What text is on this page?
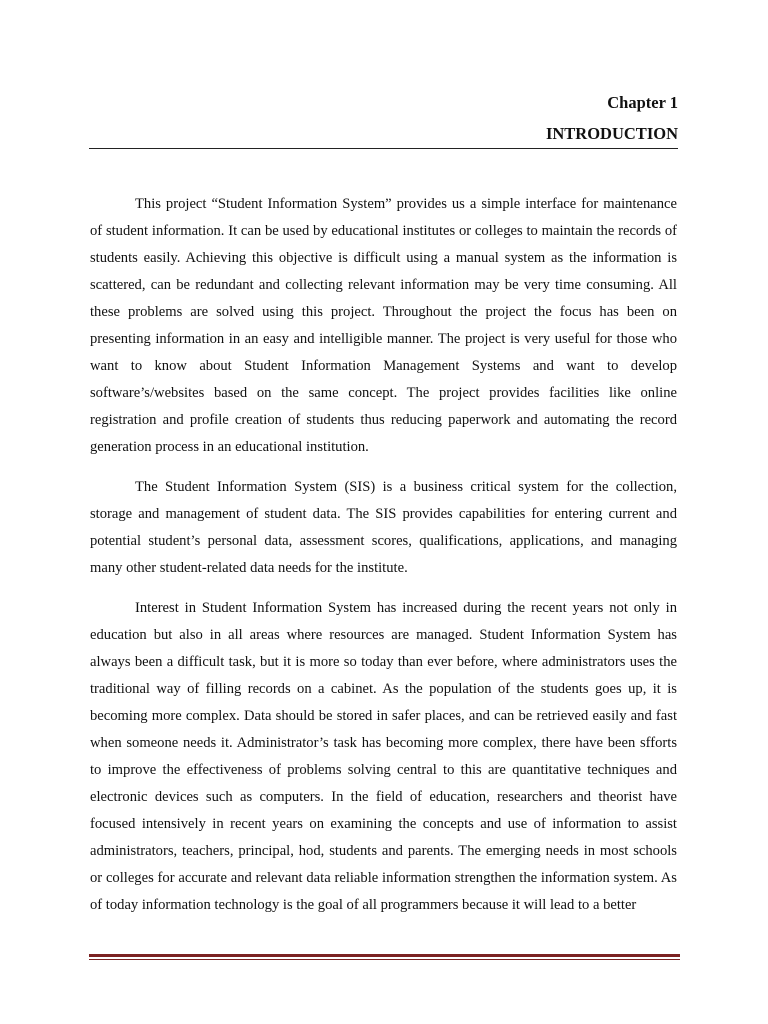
Chapter 1
INTRODUCTION

This project “Student Information System” provides us a simple interface for maintenance of student information. It can be used by educational institutes or colleges to maintain the records of students easily. Achieving this objective is difficult using a manual system as the information is scattered, can be redundant and collecting relevant information may be very time consuming. All these problems are solved using this project. Throughout the project the focus has been on presenting information in an easy and intelligible manner. The project is very useful for those who want to know about Student Information Management Systems and want to develop software’s/websites based on the same concept. The project provides facilities like online registration and profile creation of students thus reducing paperwork and automating the record generation process in an educational institution.

The Student Information System (SIS) is a business critical system for the collection, storage and management of student data. The SIS provides capabilities for entering current and potential student’s personal data, assessment scores, qualifications, applications, and managing many other student-related data needs for the institute.

Interest in Student Information System has increased during the recent years not only in education but also in all areas where resources are managed. Student Information System has always been a difficult task, but it is more so today than ever before, where administrators uses the traditional way of filling records on a cabinet. As the population of the students goes up, it is becoming more complex. Data should be stored in safer places, and can be retrieved easily and fast when someone needs it. Administrator’s task has becoming more complex, there have been sfforts to improve the effectiveness of problems solving central to this are quantitative techniques and electronic devices such as computers. In the field of education, researchers and theorist have focused intensively in recent years on examining the concepts and use of information to assist administrators, teachers, principal, hod, students and parents. The emerging needs in most schools or colleges for accurate and relevant data reliable information strengthen the information system. As of today information technology is the goal of all programmers because it will lead to a better
